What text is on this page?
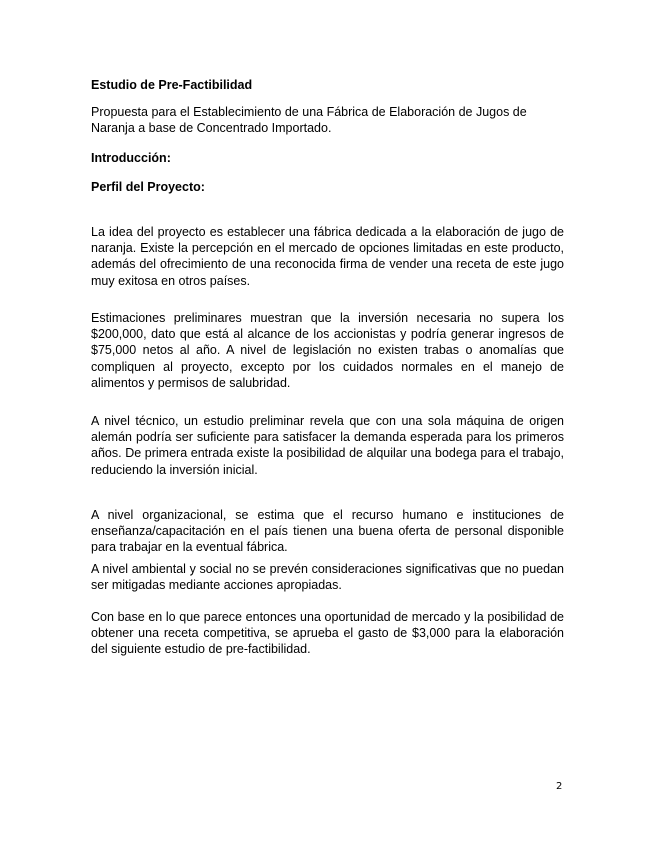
Estudio de Pre-Factibilidad

Propuesta para el Establecimiento de una Fábrica de Elaboración de Jugos de Naranja a base de Concentrado Importado.

Introducción:
Perfil del Proyecto:

La idea del proyecto es establecer una fábrica dedicada a la elaboración de jugo de naranja. Existe la percepción en el mercado de opciones limitadas en este producto, además del ofrecimiento de una reconocida firma de vender una receta de este jugo muy exitosa en otros países.

Estimaciones preliminares muestran que la inversión necesaria no supera los $200,000, dato que está al alcance de los accionistas y podría generar ingresos de $75,000 netos al año. A nivel de legislación no existen trabas o anomalías que compliquen al proyecto, excepto por los cuidados normales en el manejo de alimentos y permisos de salubridad.

A nivel técnico, un estudio preliminar revela que con una sola máquina de origen alemán podría ser suficiente para satisfacer la demanda esperada para los primeros años. De primera entrada existe la posibilidad de alquilar una bodega para el trabajo, reduciendo la inversión inicial.

A nivel organizacional, se estima que el recurso humano e instituciones de enseñanza/capacitación en el país tienen una buena oferta de personal disponible para trabajar en la eventual fábrica.

A nivel ambiental y social no se prevén consideraciones significativas que no puedan ser mitigadas mediante acciones apropiadas.

Con base en lo que parece entonces una oportunidad de mercado y la posibilidad de obtener una receta competitiva, se aprueba el gasto de $3,000 para la elaboración del siguiente estudio de pre-factibilidad.

2
